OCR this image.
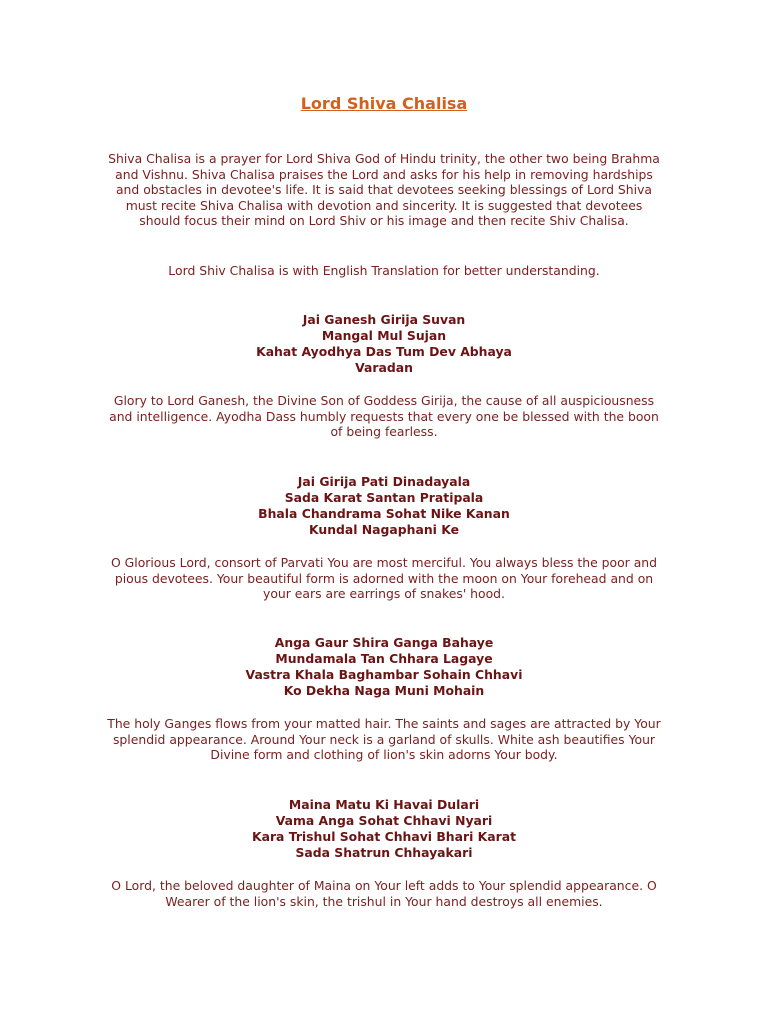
Lord Shiva Chalisa
Shiva Chalisa is a prayer for Lord Shiva God of Hindu trinity, the other two being Brahma and Vishnu. Shiva Chalisa praises the Lord and asks for his help in removing hardships and obstacles in devotee's life. It is said that devotees seeking blessings of Lord Shiva must recite Shiva Chalisa with devotion and sincerity. It is suggested that devotees should focus their mind on Lord Shiv or his image and then recite Shiv Chalisa.
Lord Shiv Chalisa is with English Translation for better understanding.
Jai Ganesh Girija Suvan
Mangal Mul Sujan
Kahat Ayodhya Das Tum Dev Abhaya
Varadan
Glory to Lord Ganesh, the Divine Son of Goddess Girija, the cause of all auspiciousness and intelligence. Ayodha Dass humbly requests that every one be blessed with the boon of being fearless.
Jai Girija Pati Dinadayala
Sada Karat Santan Pratipala
Bhala Chandrama Sohat Nike Kanan
Kundal Nagaphani Ke
O Glorious Lord, consort of Parvati You are most merciful. You always bless the poor and pious devotees. Your beautiful form is adorned with the moon on Your forehead and on your ears are earrings of snakes' hood.
Anga Gaur Shira Ganga Bahaye
Mundamala Tan Chhara Lagaye
Vastra Khala Baghambar Sohain Chhavi
Ko Dekha Naga Muni Mohain
The holy Ganges flows from your matted hair. The saints and sages are attracted by Your splendid appearance. Around Your neck is a garland of skulls. White ash beautifies Your Divine form and clothing of lion's skin adorns Your body.
Maina Matu Ki Havai Dulari
Vama Anga Sohat Chhavi Nyari
Kara Trishul Sohat Chhavi Bhari Karat
Sada Shatrun Chhayakari
O Lord, the beloved daughter of Maina on Your left adds to Your splendid appearance. O Wearer of the lion's skin, the trishul in Your hand destroys all enemies.
